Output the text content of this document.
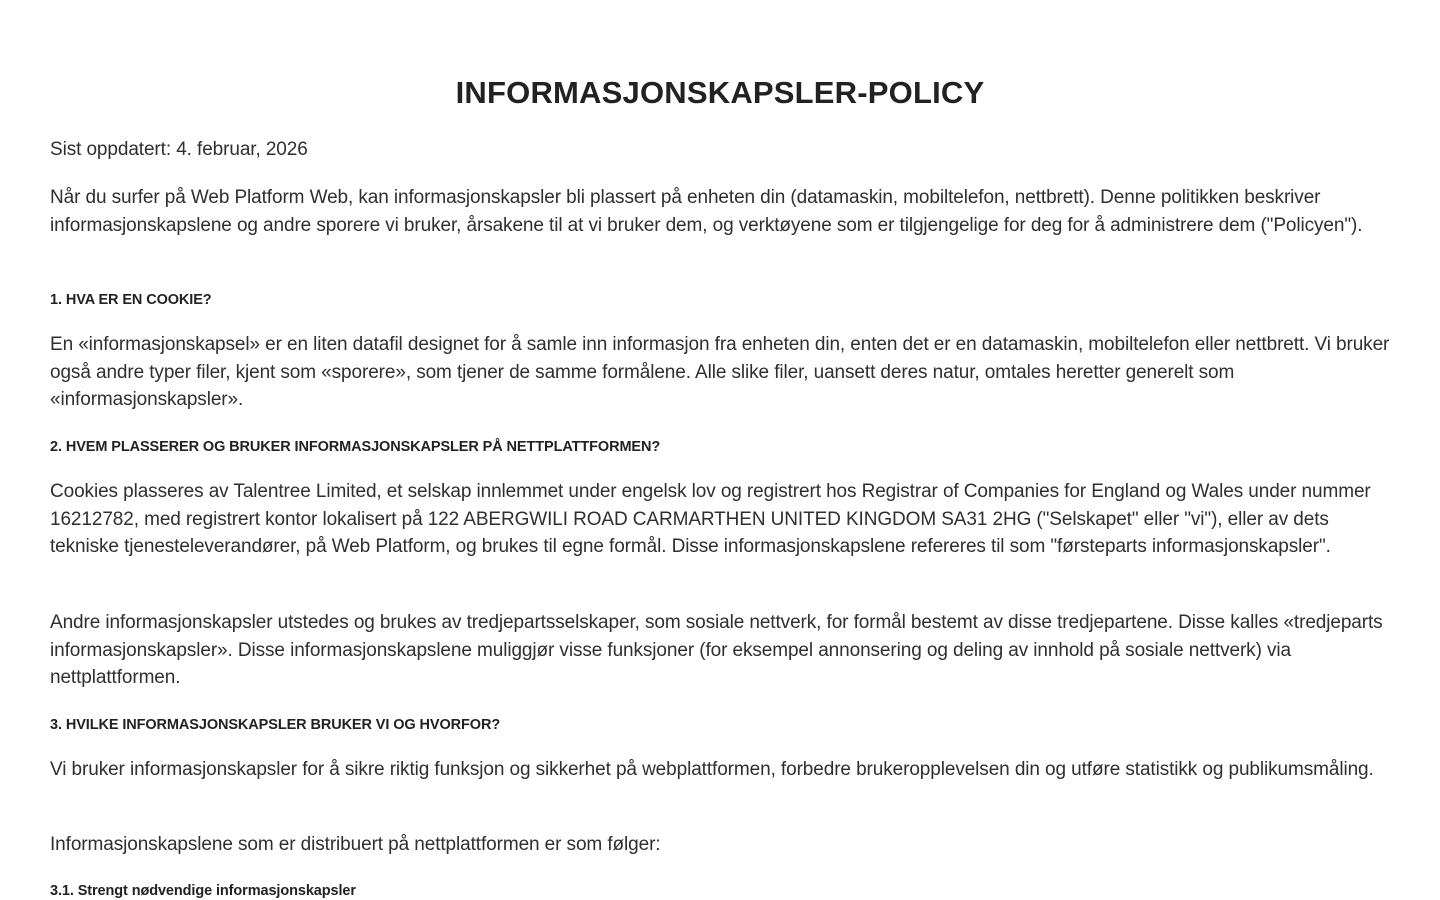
INFORMASJONSKAPSLER-POLICY

Sist oppdatert: 4. februar, 2026

Når du surfer på Web Platform Web, kan informasjonskapsler bli plassert på enheten din (datamaskin, mobiltelefon, nettbrett). Denne politikken beskriver informasjonskapslene og andre sporere vi bruker, årsakene til at vi bruker dem, og verktøyene som er tilgjengelige for deg for å administrere dem ("Policyen").

1. HVA ER EN COOKIE?

En «informasjonskapsel» er en liten datafil designet for å samle inn informasjon fra enheten din, enten det er en datamaskin, mobiltelefon eller nettbrett. Vi bruker også andre typer filer, kjent som «sporere», som tjener de samme formålene. Alle slike filer, uansett deres natur, omtales heretter generelt som «informasjonskapsler».

2. HVEM PLASSERER OG BRUKER INFORMASJONSKAPSLER PÅ NETTPLATTFORMEN?

Cookies plasseres av Talentree Limited, et selskap innlemmet under engelsk lov og registrert hos Registrar of Companies for England og Wales under nummer 16212782, med registrert kontor lokalisert på 122 ABERGWILI ROAD CARMARTHEN UNITED KINGDOM SA31 2HG ("Selskapet" eller "vi"), eller av dets tekniske tjenesteleverandører, på Web Platform, og brukes til egne formål. Disse informasjonskapslene refereres til som "førsteparts informasjonskapsler".

Andre informasjonskapsler utstedes og brukes av tredjepartsselskaper, som sosiale nettverk, for formål bestemt av disse tredjepartene. Disse kalles «tredjeparts informasjonskapsler». Disse informasjonskapslene muliggjør visse funksjoner (for eksempel annonsering og deling av innhold på sosiale nettverk) via nettplattformen.

3. HVILKE INFORMASJONSKAPSLER BRUKER VI OG HVORFOR?

Vi bruker informasjonskapsler for å sikre riktig funksjon og sikkerhet på webplattformen, forbedre brukeropplevelsen din og utføre statistikk og publikumsmåling.

Informasjonskapslene som er distribuert på nettplattformen er som følger:

3.1. Strengt nødvendige informasjonskapsler
